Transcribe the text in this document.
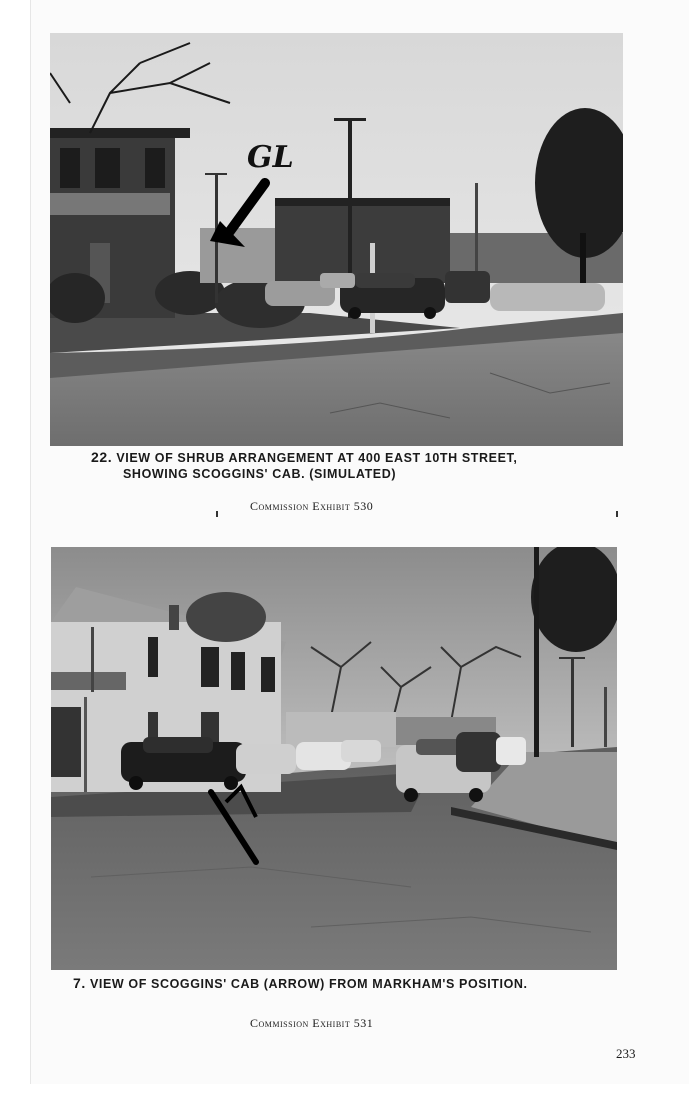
GL
22. VIEW OF SHRUB ARRANGEMENT AT 400 EAST 10TH STREET,
SHOWING SCOGGINS' CAB. (SIMULATED)
Commission Exhibit 530
7. VIEW OF SCOGGINS' CAB (ARROW) FROM MARKHAM'S POSITION.
Commission Exhibit 531
233
